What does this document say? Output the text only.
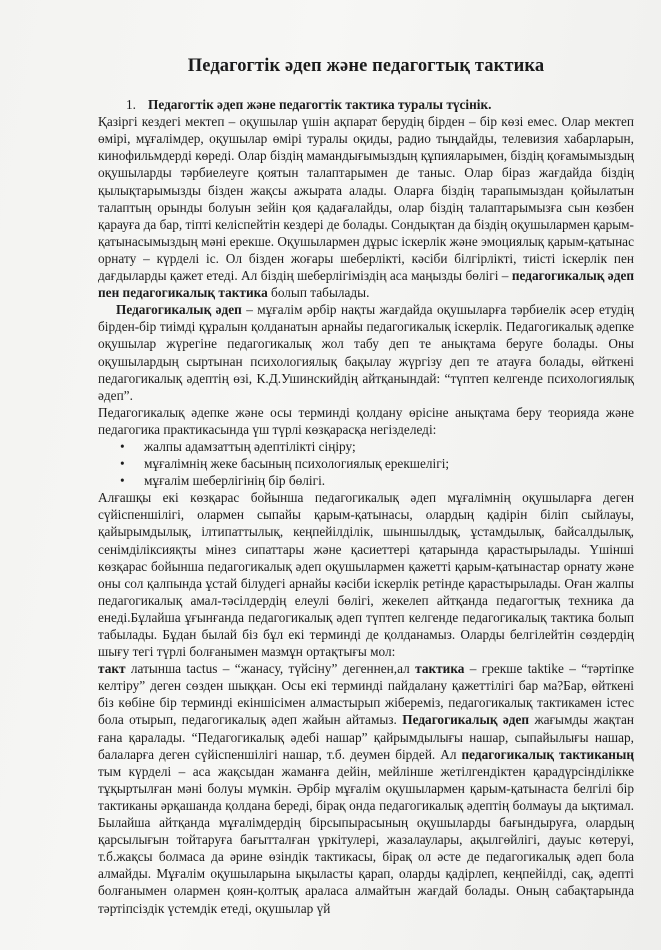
Педагогтік әдеп және педагогтық тактика
1. Педагогтік әдеп және педагогтік тактика туралы түсінік.

Қазіргі кездегі мектеп – оқушылар үшін ақпарат берудің бірден – бір көзі емес. Олар мектеп өмірі, мұғалімдер, оқушылар өмірі туралы оқиды, радио тыңдайды, телевизия хабарларын, кинофильмдерді көреді. Олар біздің мамандығымыздың құпияларымен, біздің қоғамымыздың оқушыларды тәрбиелеуге қоятын талаптарымен де таныс. Олар біраз жағдайда біздің қылықтарымызды бізден жақсы ажырата алады. Оларға біздің тарапымыздан қойылатын талаптың орынды болуын зейін қоя қадағалайды, олар біздің талаптарымызға сын көзбен қарауға да бар, тіпті келіспейтін кездері де болады. Сондықтан да біздің оқушылармен қарым-қатынасымыздың мәні ерекше. Оқушылармен дұрыс іскерлік және эмоциялық қарым-қатынас орнату – күрделі іс. Ол бізден жоғары шеберлікті, кәсіби білгірлікті, тиісті іскерлік пен дағдыларды қажет етеді. Ал біздің шеберлігіміздің аса маңызды бөлігі – педагогикалық әдеп пен педагогикалық тактика болып табылады.

Педагогикалық әдеп – мұғалім әрбір нақты жағдайда оқушыларға тәрбиелік әсер етудің бірден-бір тиімді құралын қолданатын арнайы педагогикалық іскерлік. Педагогикалық әдепке оқушылар жүрегіне педагогикалық жол табу деп те анықтама беруге болады. Оны оқушылардың сыртынан психологиялық бақылау жүргізу деп те атауға болады, өйткені педагогикалық әдептің өзі, К.Д.Ушинскийдің айтқанындай: “түптеп келгенде психологиялық әдеп”.

Педагогикалық әдепке және осы терминдi қолдану өрісіне анықтама беру теорияда және педагогика практикасында үш түрлі көзқарасқа негізделеді:

• жалпы адамзаттың әдептілікті сіңіру;
• мұғалімнің жеке басының психологиялық ерекшелігі;
• мұғалім шеберлігінің бір бөлігі.

Алғашқы екі көзқарас бойынша педагогикалық әдеп мұғалімнің оқушыларға деген сүйіспеншілігі, олармен сыпайы қарым-қатынасы, олардың қадірін біліп сыйлауы, қайырымдылық, ілтипаттылық, кеңпейілділік, шыншылдық, ұстамдылық, байсалдылық, сенімділіксияқты мінез сипаттары және қасиеттері қатарында қарастырылады. Үшінші көзқарас бойынша педагогикалық әдеп оқушылармен қажетті қарым-қатынастар орнату және оны сол қалпында ұстай білудегі арнайы кәсіби іскерлік ретінде қарастырылады. Оған жалпы педагогикалық амал-тәсілдердің елеулі бөлігі, жекелеп айтқанда педагогтық техника да енеді.Бұлайша ұғынғанда педагогикалық әдеп түптеп келгенде педагогикалық тактика болып табылады. Бұдан былай біз бұл екі терминді де қолданамыз. Оларды белгілейтін сөздердің шығу тегі түрлі болғанымен мазмұн ортақтығы мол:

такт латынша tactus – “жанасу, түйсіну” дегеннен,ал тактика – грекше taktike – “тәртіпке келтіру” деген сөзден шыққан. Осы екі терминді пайдалану қажеттілігі бар ма?Бар, өйткені біз көбіне бір терминді екіншісімен алмастырып жібереміз, педагогикалық тактикамен істес бола отырып, педагогикалық әдеп жайын айтамыз. Педагогикалық әдеп жағымды жақтан ғана қаралады. “Педагогикалық әдебі нашар” қайрымдылығы нашар, сыпайылығы нашар, балаларға деген сүйіспеншілігі нашар, т.б. деумен бірдей. Ал педагогикалық тактиканың тым күрделі – аса жақсыдан жаманға дейін, мейлінше жетілгендіктен қарадүрсінділікке тұқыртылған мәні болуы мүмкін. Әрбір мұғалім оқушылармен қарым-қатынаста белгілі бір тактиканы әрқашанда қолдана береді, бірақ онда педагогикалық әдептің болмауы да ықтимал. Былайша айтқанда мұғалімдердің бірсыпырасының оқушыларды бағындыруға, олардың қарсылығын тойтаруға бағытталған үркітулері, жазалаулары, ақылгөйлігі, дауыс көтеруі, т.б.жақсы болмаса да әрине өзіндік тактикасы, бірақ ол әсте де педагогикалық әдеп бола алмайды. Мұғалім оқушыларына ықыласты қарап, оларды қадірлеп, кеңпейілді, сақ, әдепті болғанымен олармен қоян-қолтық араласа алмайтын жағдай болады. Оның сабақтарында тәртіпсіздік үстемдік етеді, оқушылар үй
